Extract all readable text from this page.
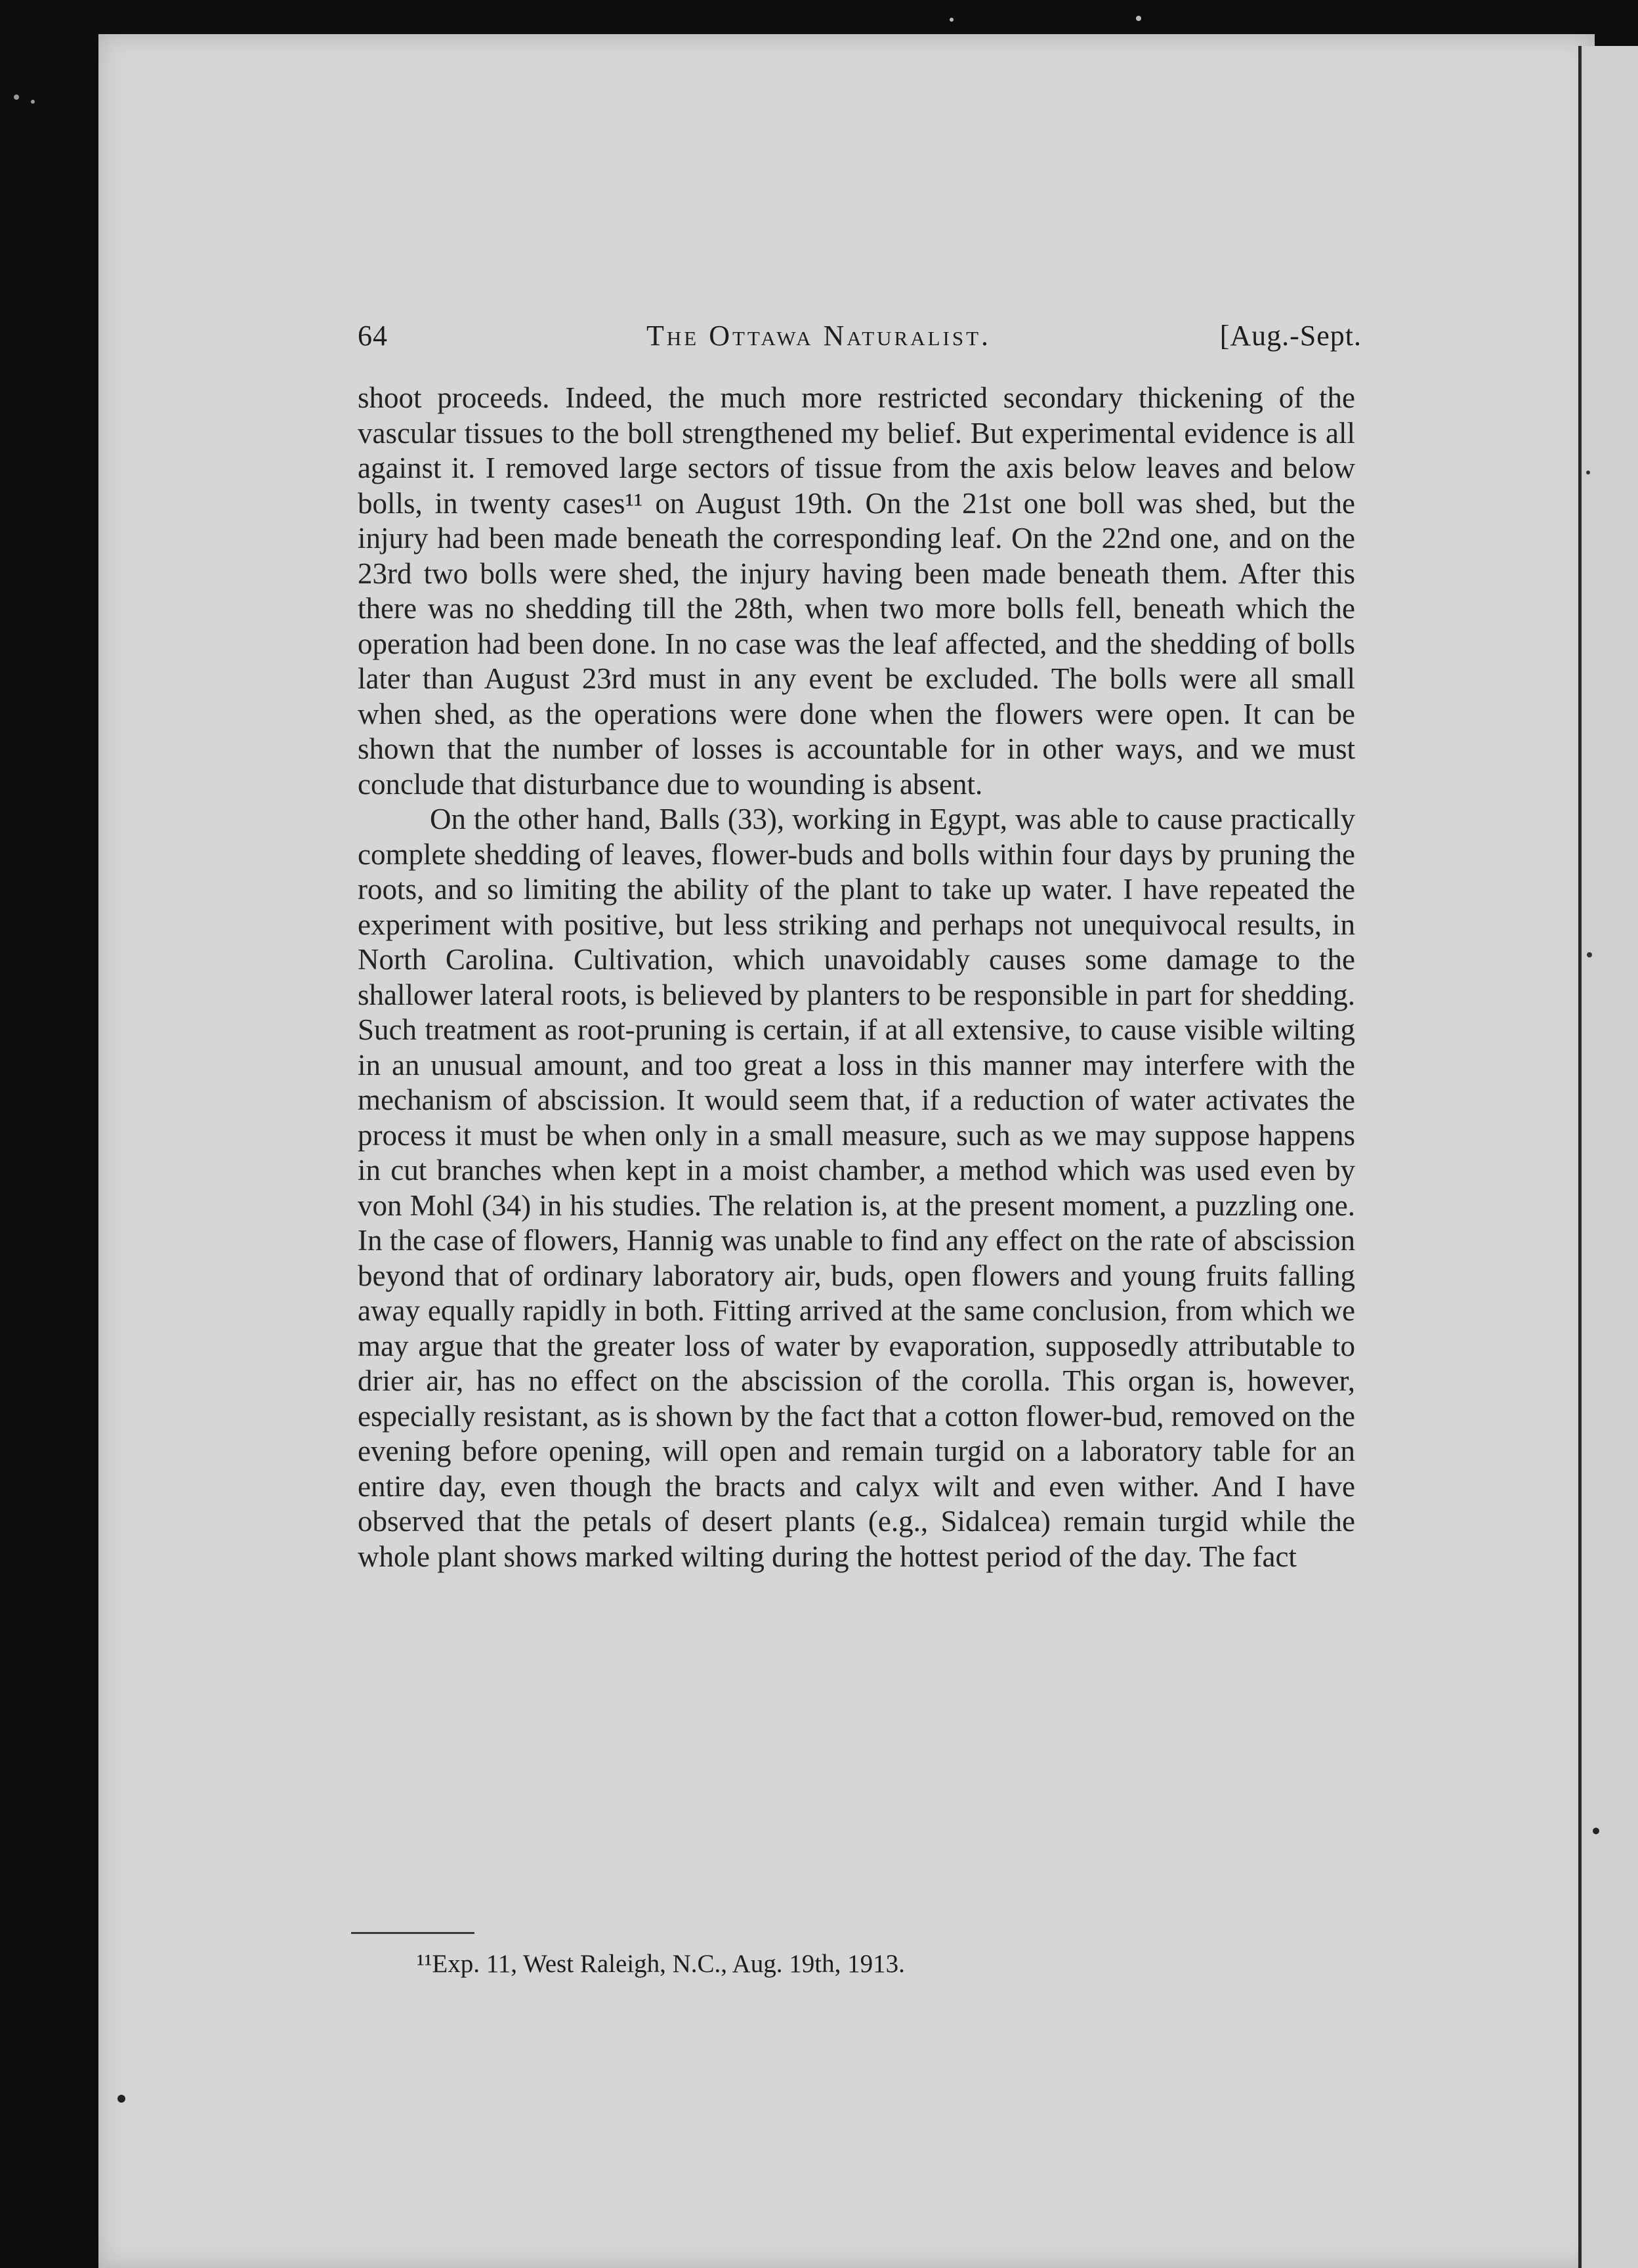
64	The Ottawa Naturalist.	[Aug.-Sept.

shoot proceeds. Indeed, the much more restricted secondary thickening of the vascular tissues to the boll strengthened my belief. But experimental evidence is all against it. I removed large sectors of tissue from the axis below leaves and below bolls, in twenty cases¹¹ on August 19th. On the 21st one boll was shed, but the injury had been made beneath the corresponding leaf. On the 22nd one, and on the 23rd two bolls were shed, the injury having been made beneath them. After this there was no shedding till the 28th, when two more bolls fell, beneath which the operation had been done. In no case was the leaf affected, and the shedding of bolls later than August 23rd must in any event be excluded. The bolls were all small when shed, as the operations were done when the flowers were open. It can be shown that the number of losses is accountable for in other ways, and we must conclude that disturbance due to wounding is absent.

On the other hand, Balls (33), working in Egypt, was able to cause practically complete shedding of leaves, flower-buds and bolls within four days by pruning the roots, and so limiting the ability of the plant to take up water. I have repeated the experiment with positive, but less striking and perhaps not unequivocal results, in North Carolina. Cultivation, which unavoidably causes some damage to the shallower lateral roots, is believed by planters to be responsible in part for shedding. Such treatment as root-pruning is certain, if at all extensive, to cause visible wilting in an unusual amount, and too great a loss in this manner may interfere with the mechanism of abscission. It would seem that, if a reduction of water activates the process it must be when only in a small measure, such as we may suppose happens in cut branches when kept in a moist chamber, a method which was used even by von Mohl (34) in his studies. The relation is, at the present moment, a puzzling one. In the case of flowers, Hannig was unable to find any effect on the rate of abscission beyond that of ordinary laboratory air, buds, open flowers and young fruits falling away equally rapidly in both. Fitting arrived at the same conclusion, from which we may argue that the greater loss of water by evaporation, supposedly attributable to drier air, has no effect on the abscission of the corolla. This organ is, however, especially resistant, as is shown by the fact that a cotton flower-bud, removed on the evening before opening, will open and remain turgid on a laboratory table for an entire day, even though the bracts and calyx wilt and even wither. And I have observed that the petals of desert plants (e.g., Sidalcea) remain turgid while the whole plant shows marked wilting during the hottest period of the day. The fact

¹¹Exp. 11, West Raleigh, N.C., Aug. 19th, 1913.
